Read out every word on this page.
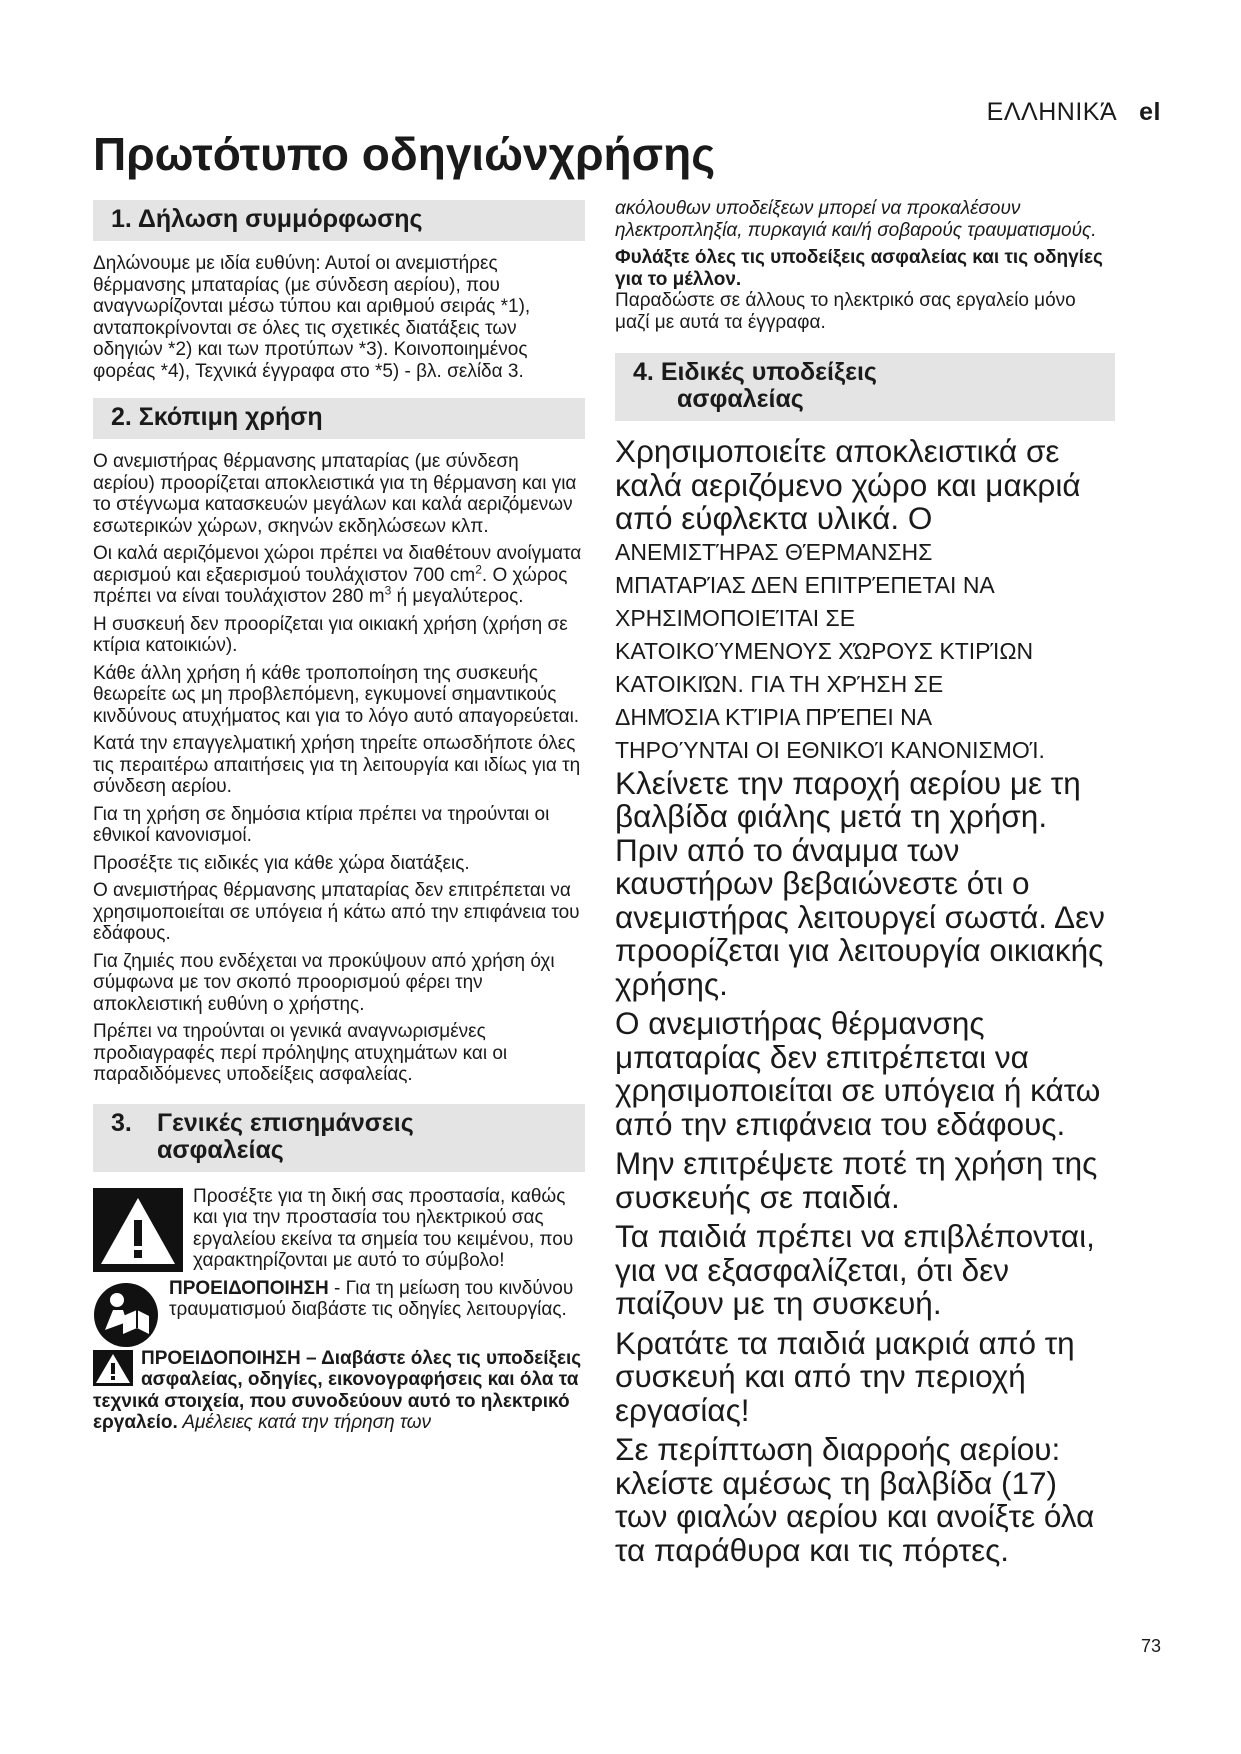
ΕΛΛΗΝΙΚΆ el
Πρωτότυπο οδηγιώνχρήσης
1. Δήλωση συμμόρφωσης

Δηλώνουμε με ιδία ευθύνη: Αυτοί οι ανεμιστήρες θέρμανσης μπαταρίας (με σύνδεση αερίου), που αναγνωρίζονται μέσω τύπου και αριθμού σειράς *1), ανταποκρίνονται σε όλες τις σχετικές διατάξεις των οδηγιών *2) και των προτύπων *3). Κοινοποιημένος φορέας *4), Τεχνικά έγγραφα στο *5) - βλ. σελίδα 3.

2. Σκόπιμη χρήση

Ο ανεμιστήρας θέρμανσης μπαταρίας (με σύνδεση αερίου) προορίζεται αποκλειστικά για τη θέρμανση και για το στέγνωμα κατασκευών μεγάλων και καλά αεριζόμενων εσωτερικών χώρων, σκηνών εκδηλώσεων κλπ.

Οι καλά αεριζόμενοι χώροι πρέπει να διαθέτουν ανοίγματα αερισμού και εξαερισμού τουλάχιστον 700 $cm^2$. Ο χώρος πρέπει να είναι τουλάχιστον 280 $m^3$ ή μεγαλύτερος.

Η συσκευή δεν προορίζεται για οικιακή χρήση (χρήση σε κτίρια κατοικιών).

Κάθε άλλη χρήση ή κάθε τροποποίηση της συσκευής θεωρείτε ως μη προβλεπόμενη, εγκυμονεί σημαντικούς κινδύνους ατυχήματος και για το λόγο αυτό απαγορεύεται.

Κατά την επαγγελματική χρήση τηρείτε οπωσδήποτε όλες τις περαιτέρω απαιτήσεις για τη λειτουργία και ιδίως για τη σύνδεση αερίου.

Για τη χρήση σε δημόσια κτίρια πρέπει να τηρούνται οι εθνικοί κανονισμοί.

Προσέξτε τις ειδικές για κάθε χώρα διατάξεις.

Ο ανεμιστήρας θέρμανσης μπαταρίας δεν επιτρέπεται να χρησιμοποιείται σε υπόγεια ή κάτω από την επιφάνεια του εδάφους.

Για ζημιές που ενδέχεται να προκύψουν από χρήση όχι σύμφωνα με τον σκοπό προορισμού φέρει την αποκλειστική ευθύνη ο χρήστης.

Πρέπει να τηρούνται οι γενικά αναγνωρισμένες προδιαγραφές περί πρόληψης ατυχημάτων και οι παραδιδόμενες υποδείξεις ασφαλείας.

3.	Γενικές επισημάνσεις ασφαλείας

Προσέξτε για τη δική σας προστασία, καθώς και για την προστασία του ηλεκτρικού σας εργαλείου εκείνα τα σημεία του κειμένου, που χαρακτηρίζονται με αυτό το σύμβολο!

ΠΡΟΕΙΔΟΠΟΙΗΣΗ - Για τη μείωση του κινδύνου τραυματισμού διαβάστε τις οδηγίες λειτουργίας.

ΠΡΟΕΙΔΟΠΟΙΗΣΗ – Διαβάστε όλες τις υποδείξεις ασφαλείας, οδηγίες, εικονογραφήσεις και όλα τα τεχνικά στοιχεία, που συνοδεύουν αυτό το ηλεκτρικό εργαλείο. Αμέλειες κατά την τήρηση των

ακόλουθων υποδείξεων μπορεί να προκαλέσουν ηλεκτροπληξία, πυρκαγιά και/ή σοβαρούς τραυματισμούς.

Φυλάξτε όλες τις υποδείξεις ασφαλείας και τις οδηγίες για το μέλλον.
Παραδώστε σε άλλους το ηλεκτρικό σας εργαλείο μόνο μαζί με αυτά τα έγγραφα.

4. Ειδικές υποδείξεις
ασφαλείας

Χρησιμοποιείτε αποκλειστικά σε καλά αεριζόμενο χώρο και μακριά από εύφλεκτα υλικά. Ο

ΑΝΕΜΙΣΤΉΡΑΣ ΘΈΡΜΑΝΣΗΣ
ΜΠΑΤΑΡΊΑΣ ΔΕΝ ΕΠΙΤΡΈΠΕΤΑΙ ΝΑ
ΧΡΗΣΙΜΟΠΟΙΕΊΤΑΙ ΣΕ
ΚΑΤΟΙΚΟΎΜΕΝΟΥΣ ΧΏΡΟΥΣ ΚΤΙΡΊΩΝ
ΚΑΤΟΙΚΙΏΝ. ΓΙΑ ΤΗ ΧΡΉΣΗ ΣΕ
ΔΗΜΌΣΙΑ ΚΤΊΡΙΑ ΠΡΈΠΕΙ ΝΑ
ΤΗΡΟΎΝΤΑΙ ΟΙ ΕΘΝΙΚΟΊ ΚΑΝΟΝΙΣΜΟΊ.

Κλείνετε την παροχή αερίου με τη βαλβίδα φιάλης μετά τη χρήση. Πριν από το άναμμα των καυστήρων βεβαιώνεστε ότι ο ανεμιστήρας λειτουργεί σωστά. Δεν προορίζεται για λειτουργία οικιακής χρήσης.

Ο ανεμιστήρας θέρμανσης μπαταρίας δεν επιτρέπεται να χρησιμοποιείται σε υπόγεια ή κάτω από την επιφάνεια του εδάφους.

Μην επιτρέψετε ποτέ τη χρήση της συσκευής σε παιδιά.

Τα παιδιά πρέπει να επιβλέπονται, για να εξασφαλίζεται, ότι δεν παίζουν με τη συσκευή.

Κρατάτε τα παιδιά μακριά από τη συσκευή και από την περιοχή εργασίας!

Σε περίπτωση διαρροής αερίου: κλείστε αμέσως τη βαλβίδα (17) των φιαλών αερίου και ανοίξτε όλα τα παράθυρα και τις πόρτες.

73
